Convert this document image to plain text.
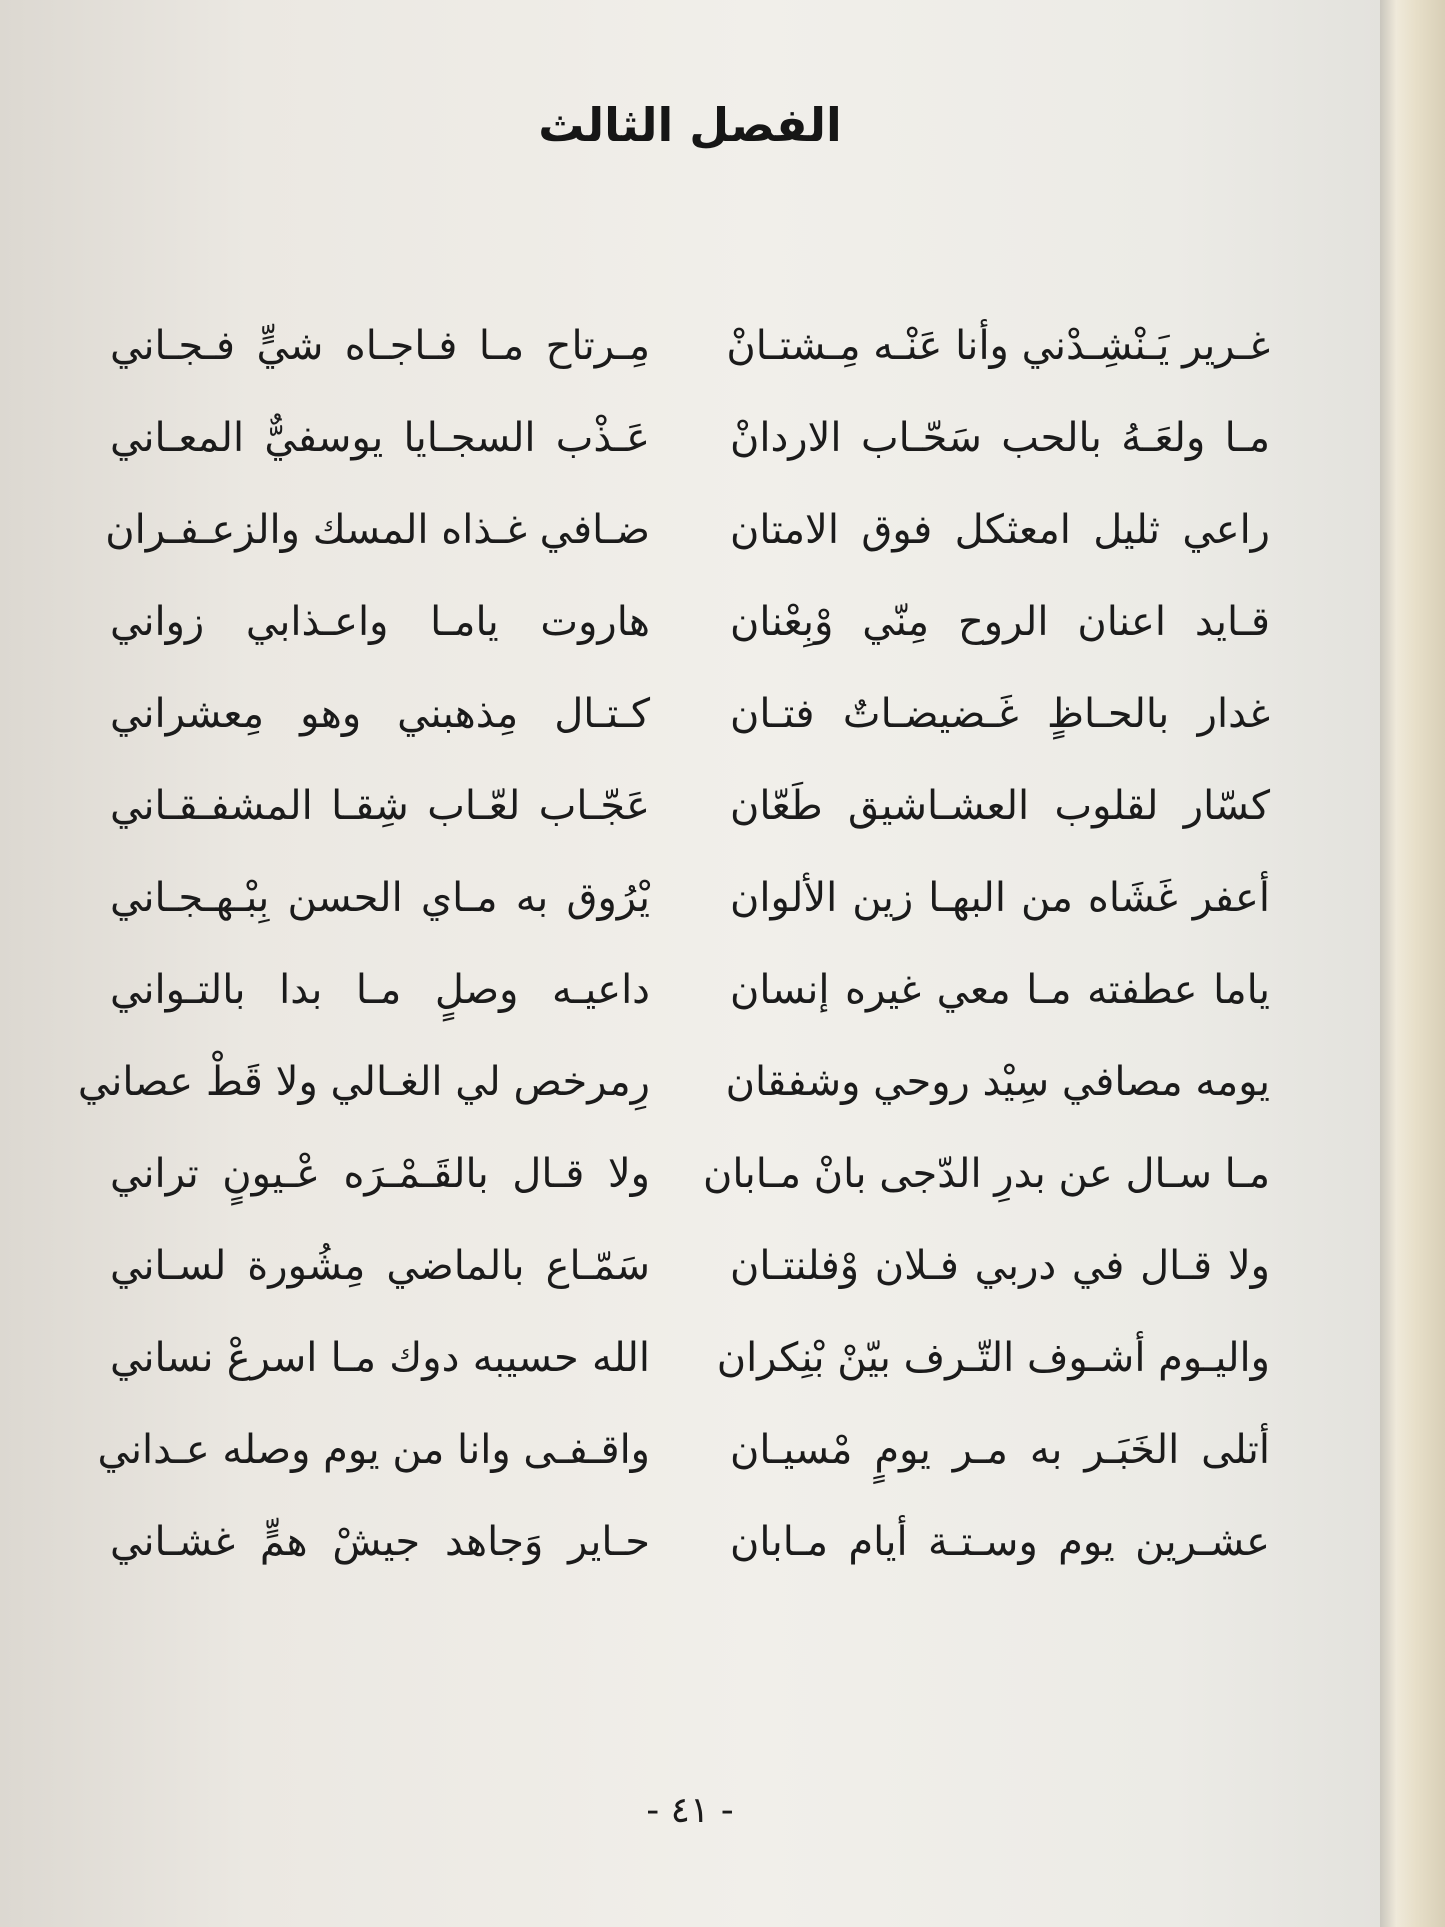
الفصل الثالث
غـرير يَـنْشِـدْني وأنا عَنْـه مِـشتـانْ
مِـرتاح مـا فـاجـاه شيٍّ فـجـاني
مـا ولعَـهُ بالحب سَحّـاب الاردانْ
عَـذْب السجـايا يوسفيٌّ المعـاني
راعي ثليل امعثكل فوق الامتان
ضـافي غـذاه المسك والزعـفـران
قـايد اعنان الروح مِنّي وْبِعْنان
هاروت يامـا واعـذابي زواني
غدار بالحـاظٍ غَـضيضـاتٌ فتـان
كـتـال مِذهبني وهو مِعشراني
كسّار لقلوب العشـاشيق طَعّان
عَجّـاب لعّـاب شِقـا المشفـقـاني
أعفر غَشَاه من البهـا زين الألوان
يْرُوق به مـاي الحسن بِبْـهـجـاني
ياما عطفته مـا معي غيره إنسان
داعيـه وصلٍ مـا بدا بالتـواني
يومه مصافي سِيْد روحي وشفقان
رِمرخص لي الغـالي ولا قَطْ عصاني
مـا سـال عن بدرِ الدّجى بانْ مـابان
ولا قـال بالقَـمْـرَه عْـيونٍ تراني
ولا قـال في دربي فـلان وْفلنتـان
سَمّـاع بالماضي مِشُورة لسـاني
واليـوم أشـوف التّـرف بيّنْ بْنِكران
الله حسيبه دوك مـا اسرعْ نساني
أتلى الخَبَـر به مـر يومٍ مْسيـان
واقـفـى وانا من يوم وصله عـداني
عشـرين يوم وسـتـة أيام مـابان
حـاير وَجاهد جيشْ همٍّ غشـاني
- ٤١ -
